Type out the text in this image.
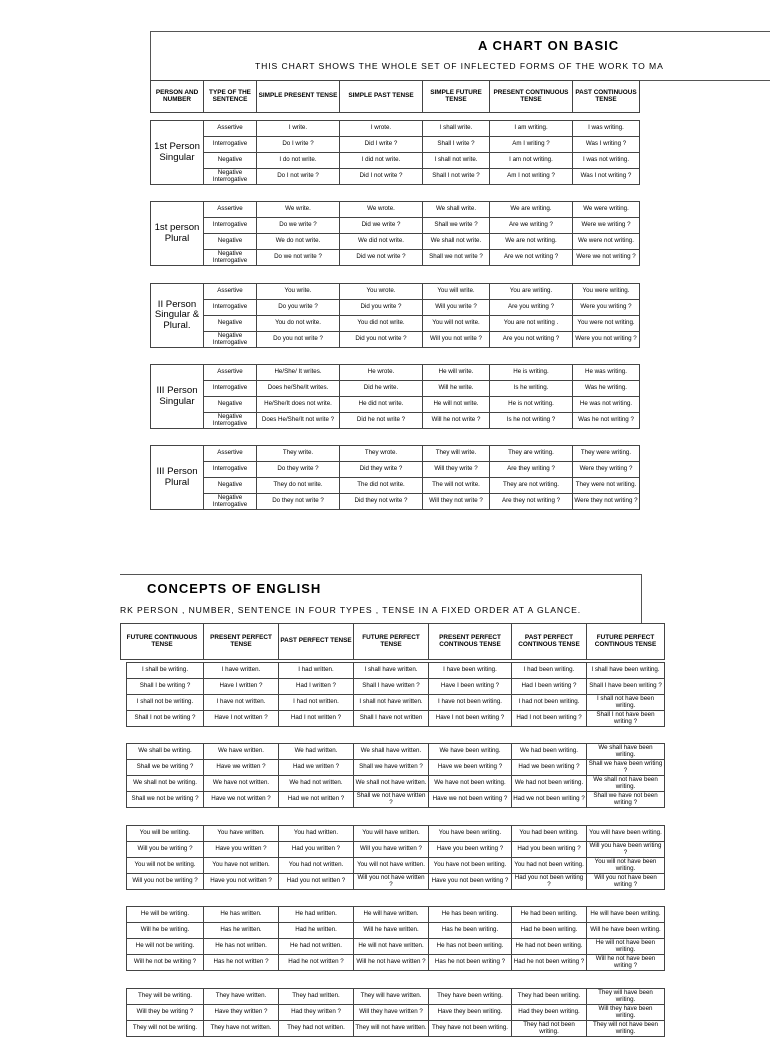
A CHART ON BASIC
THIS CHART SHOWS THE WHOLE SET OF INFLECTED FORMS OF THE WORK TO MA
PERSON AND NUMBER	TYPE OF THE SENTENCE	SIMPLE PRESENT TENSE	SIMPLE PAST TENSE	SIMPLE FUTURE TENSE	PRESENT CONTINUOUS TENSE	PAST CONTINUOUS TENSE
1st Person Singular	Assertive	I write.	I wrote.	I shall write.	I am writing.	I was writing.
	Interrogative	Do I write ?	Did I write ?	Shall I write ?	Am I writing ?	Was I writing ?
	Negative	I do not write.	I did not write.	I shall not write.	I am not writing.	I was not writing.
	Negative Interrogative	Do I not write ?	Did I not write ?	Shall I not write ?	Am I not writing ?	Was I not writing ?
1st person Plural	Assertive	We write.	We wrote.	We shall write.	We are writing.	We were writing.
	Interrogative	Do we write ?	Did we write ?	Shall we write ?	Are we writing ?	Were we writing ?
	Negative	We do not write.	We did not write.	We shall not write.	We are not writing.	We were not writing.
	Negative Interrogative	Do we not write ?	Did we not write ?	Shall we not write ?	Are we not writing ?	Were we not writing ?
II Person Singular & Plural.	Assertive	You write.	You wrote.	You will write.	You are writing.	You were writing.
	Interrogative	Do you write ?	Did you write ?	Will you write ?	Are you writing ?	Were you writing ?
	Negative	You do not write.	You did not write.	You will not write.	You are not writing .	You were not writing.
	Negative Interrogative	Do you not write ?	Did you not write ?	Will you not write ?	Are you not writing ?	Were you not writing ?
III Person Singular	Assertive	He/She/ It writes.	He wrote.	He will write.	He is writing.	He was writing.
	Interrogative	Does he/She/It writes.	Did he write.	Will he write.	Is he writing.	Was he writing.
	Negative	He/She/It does not write.	He did not write.	He will not write.	He is not writing.	He was not writing.
	Negative Interrogative	Does He/She/It not write ?	Did he not write ?	Will he not write ?	Is he not writing ?	Was he not writing ?
III Person Plural	Assertive	They write.	They wrote.	They will write.	They are writing.	They were writing.
	Interrogative	Do they write ?	Did they write ?	Will they write ?	Are they writing ?	Were they writing ?
	Negative	They do not write.	The did not write.	The will not write.	They are not writing.	They were not writing.
	Negative Interrogative	Do they not write ?	Did they not write ?	Will they not write ?	Are they not writing ?	Were they not writing ?
CONCEPTS OF ENGLISH
RK PERSON , NUMBER, SENTENCE IN FOUR TYPES , TENSE IN A FIXED ORDER AT A GLANCE.
FUTURE CONTINUOUS TENSE	PRESENT PERFECT TENSE	PAST PERFECT TENSE	FUTURE PERFECT TENSE	PRESENT PERFECT CONTINOUS TENSE	PAST PERFECT CONTINOUS TENSE	FUTURE PERFECT CONTINOUS TENSE
I shall be writing.	I have written.	I had written.	I shall have written.	I have been writing.	I had been writing.	I shall have been writing.
Shall I be writing ?	Have I written ?	Had I written ?	Shall I have written ?	Have I been writing ?	Had I been writing ?	Shall I have been writing ?
I shall not be writing.	I have not written.	I had not written.	I shall not have written.	I have not been writing.	I had not been writing.	I shall not have been writing.
Shall I not be writing ?	Have I not written ?	Had I not written ?	Shall I have not written	Have I not been writing ?	Had I not been writing ?	Shall I not have been writing ?
We shall be writing.	We have written.	We had written.	We shall have written.	We have been writing.	We had been writing.	We shall have been writing.
Shall we be writing ?	Have we written ?	Had we written ?	Shall we have written ?	Have we been writing ?	Had we been writing ?	Shall we have been writing ?
We shall not be writing.	We have not written.	We had not written.	We shall not have written.	We have not been writing.	We had not been writing.	We shall not have been writing.
Shall we not be writing ?	Have we not written ?	Had we not written ?	Shall we not have written ?	Have we not been writing ?	Had we not been writing ?	Shall we have not been writing ?
You will be writing.	You have written.	You had written.	You will have written.	You have been writing.	You had been writing.	You will have been writing.
Will you be writing ?	Have you written ?	Had you written ?	Will you have written ?	Have you been writing ?	Had you been writing ?	Will you have been writing ?
You will not be writing.	You have not written.	You had not written.	You will not have written.	You have not been writing.	You had not been writing.	You will not have been writing.
Will you not be writing ?	Have you not written ?	Had you not written ?	Will you not have written ?	Have you not been writing ?	Had you not been writing ?	Will you not have been writing ?
He will be writing.	He has written.	He had written.	He will have written.	He has been writing.	He had been writing.	He will have been writing.
Will he be writing.	Has he written.	Had he written.	Will he have written.	Has he been writing.	Had he been writing.	Will he have been writing.
He will not be writing.	He has not written.	He had not written.	He will not have written.	He has not been writing.	He had not been writing.	He will not have been writing.
Will he not be writing ?	Has he not written ?	Had he not written ?	Will he not have written ?	Has he not been writing ?	Had he not been writing ?	Will he not have been writing ?
They will be writing.	They have written.	They had written.	They will have written.	They have been writing.	They had been writing.	They will have been writing.
Will they be writing ?	Have they written ?	Had they written ?	Will they have written ?	Have they been writing.	Had they been writing.	Will they have been writing.
They will not be writing.	They have not written.	They had not written.	They will not have written.	They have not been writing.	They had not been writing.	They will not have been writing.
